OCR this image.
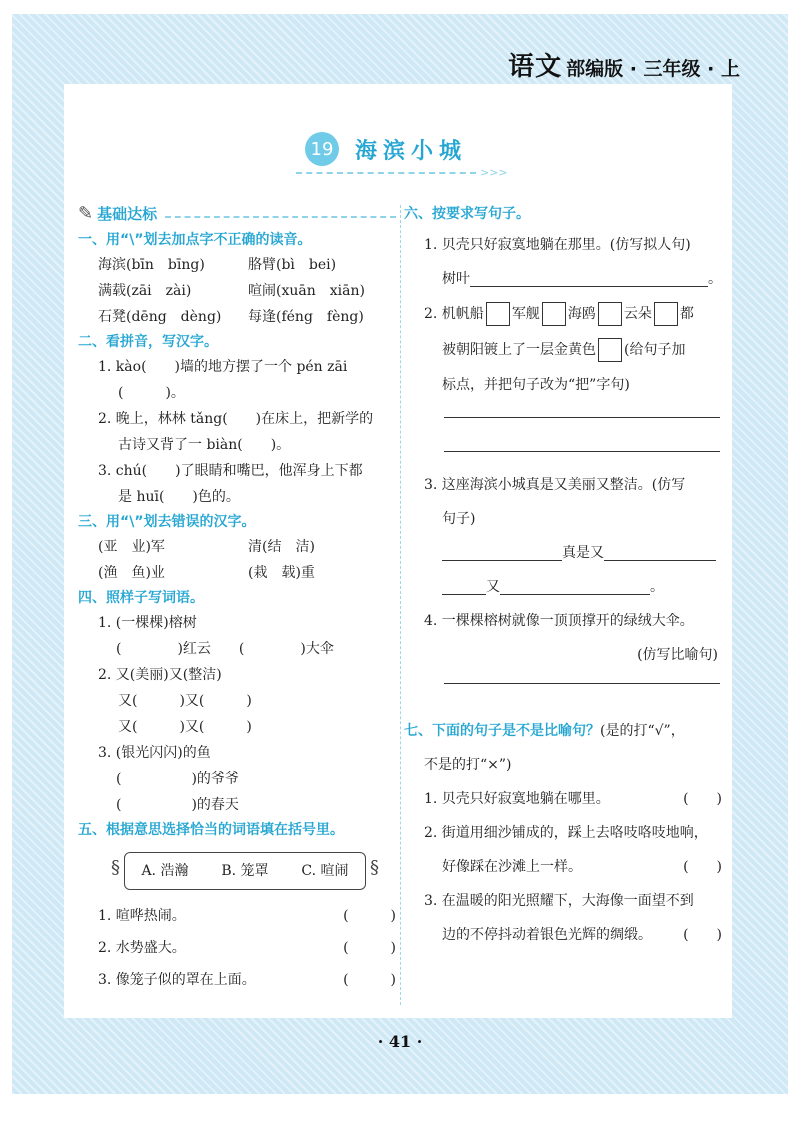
语文 部编版 · 三年级 · 上
19 海滨小城
>>>
✎ 基础达标
一、用“\”划去加点字不正确的读音。
海滨(bīn　bīng)	胳臂(bì　bei)
满载(zāi　zài)	喧闹(xuān　xiān)
石凳(dēng　dèng)	每逢(féng　fèng)
二、看拼音，写汉字。
1. kào(　　)墙的地方摆了一个 pén zāi
(　　　)。
2. 晚上，林林 tǎng(　　)在床上，把新学的
古诗又背了一 biàn(　　)。
3. chú(　　)了眼睛和嘴巴，他浑身上下都
是 huī(　　)色的。
三、用“\”划去错误的汉字。
(亚　业)军	清(结　洁)
(渔　鱼)业	(栽　载)重
四、照样子写词语。
1. (一棵棵)榕树
(　　　　)红云　　(　　　　)大伞
2. 又(美丽)又(整洁)
又(　　　)又(　　　)
又(　　　)又(　　　)
3. (银光闪闪)的鱼
(　　　　　)的爷爷
(　　　　　)的春天
五、根据意思选择恰当的词语填在括号里。
§ A. 浩瀚 B. 笼罩 C. 喧闹
§
1. 喧哗热闹。	(　　　)
2. 水势盛大。	(　　　)
3. 像笼子似的罩在上面。	(　　　)
六、按要求写句子。
1. 贝壳只好寂寞地躺在那里。(仿写拟人句)
树叶	。
2. 机帆船 军舰 海鸥 云朵 都
被朝阳镀上了一层金黄色 (给句子加
标点，并把句子改为“把”字句)
3. 这座海滨小城真是又美丽又整洁。(仿写
句子)
真是又
又	。
4. 一棵棵榕树就像一顶顶撑开的绿绒大伞。
(仿写比喻句)
七、下面的句子是不是比喻句？ (是的打“√”，
不是的打“×”)
1. 贝壳只好寂寞地躺在哪里。	(　　)
2. 街道用细沙铺成的，踩上去咯吱咯吱地响，
好像踩在沙滩上一样。	(　　)
3. 在温暖的阳光照耀下，大海像一面望不到
边的不停抖动着银色光辉的绸缎。 (　　)
· 41 ·
